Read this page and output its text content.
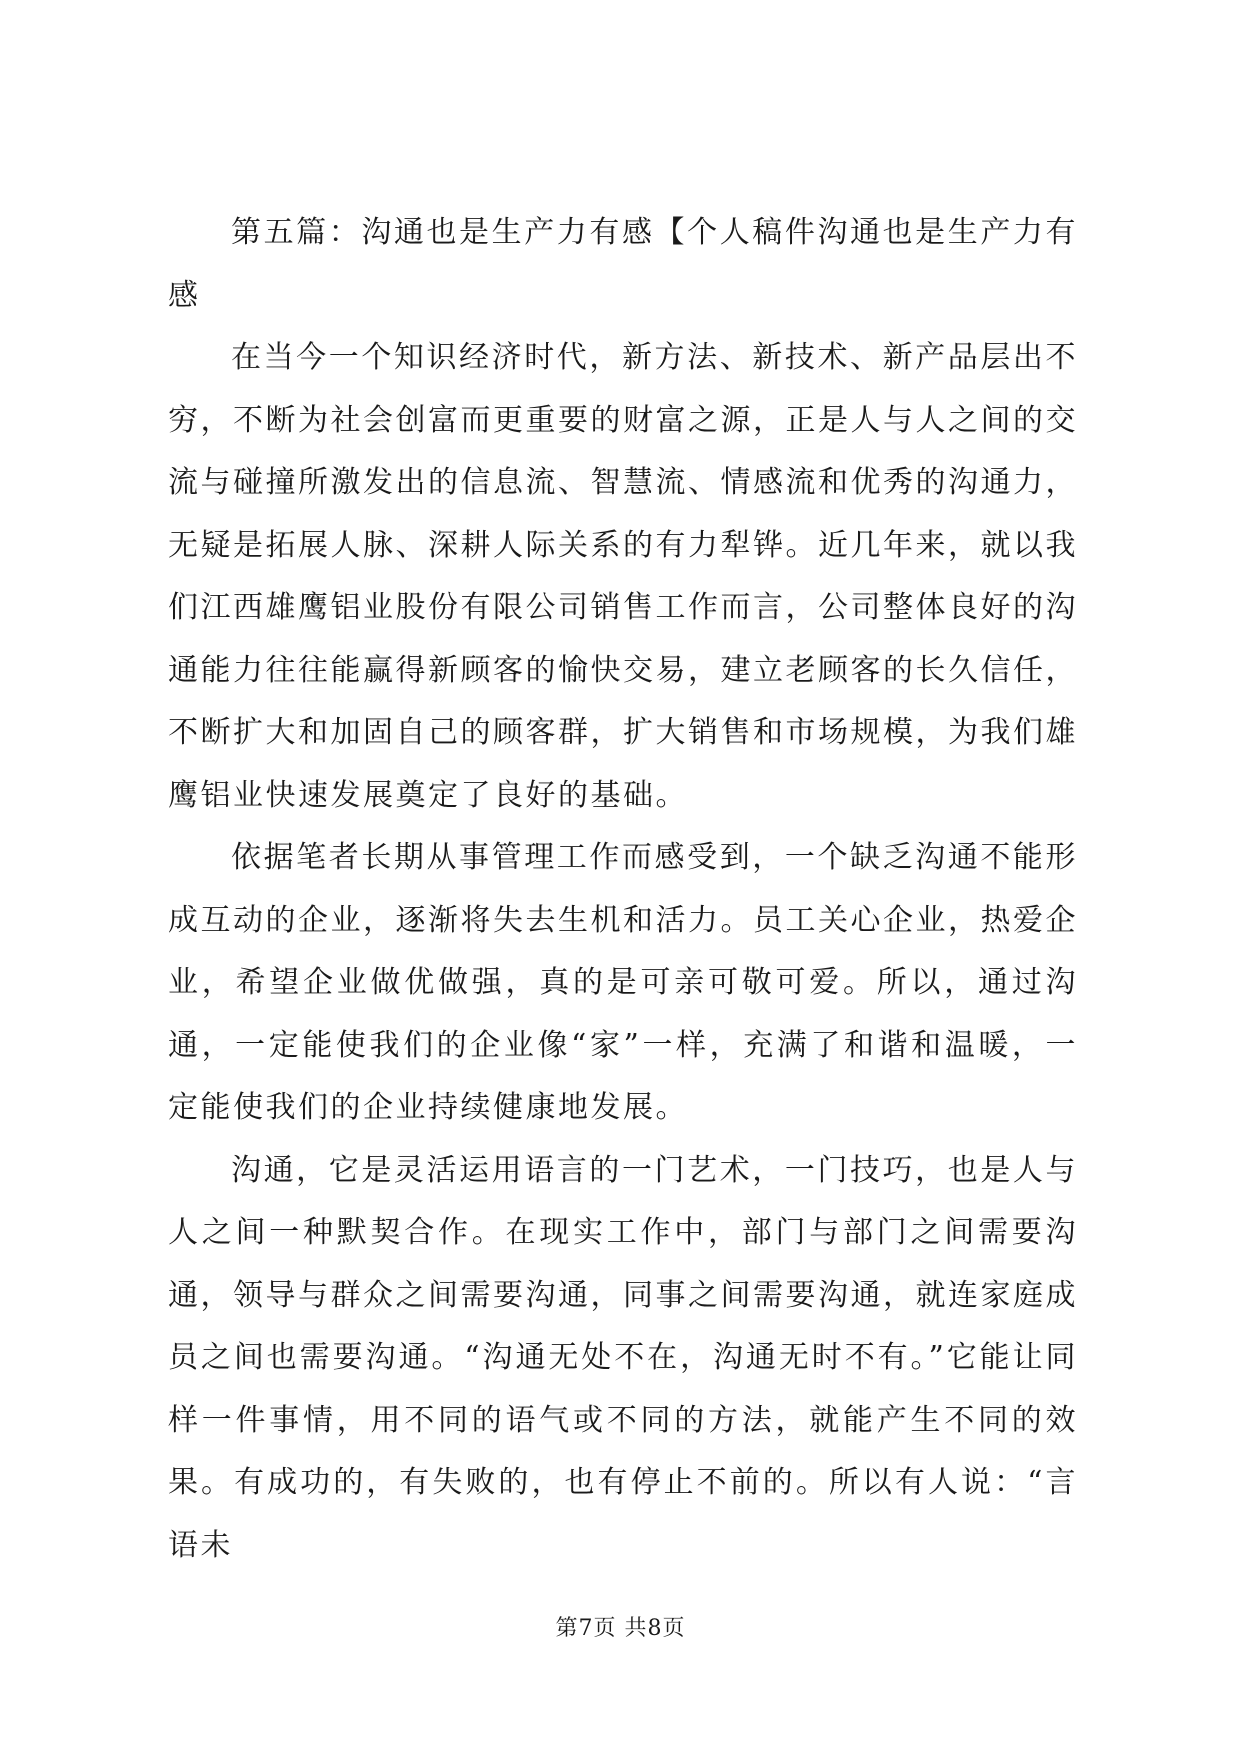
第五篇：沟通也是生产力有感【个人稿件沟通也是生产力有感

在当今一个知识经济时代，新方法、新技术、新产品层出不穷，不断为社会创富而更重要的财富之源，正是人与人之间的交流与碰撞所激发出的信息流、智慧流、情感流和优秀的沟通力，无疑是拓展人脉、深耕人际关系的有力犁铧。近几年来，就以我们江西雄鹰铝业股份有限公司销售工作而言，公司整体良好的沟通能力往往能赢得新顾客的愉快交易，建立老顾客的长久信任，不断扩大和加固自己的顾客群，扩大销售和市场规模，为我们雄鹰铝业快速发展奠定了良好的基础。

依据笔者长期从事管理工作而感受到，一个缺乏沟通不能形成互动的企业，逐渐将失去生机和活力。员工关心企业，热爱企业，希望企业做优做强，真的是可亲可敬可爱。所以，通过沟通，一定能使我们的企业像“家”一样，充满了和谐和温暖，一定能使我们的企业持续健康地发展。

沟通，它是灵活运用语言的一门艺术，一门技巧，也是人与人之间一种默契合作。在现实工作中，部门与部门之间需要沟通，领导与群众之间需要沟通，同事之间需要沟通，就连家庭成员之间也需要沟通。“沟通无处不在，沟通无时不有。”它能让同样一件事情，用不同的语气或不同的方法，就能产生不同的效果。有成功的，有失败的，也有停止不前的。所以有人说：“言语未

第7页 共8页
